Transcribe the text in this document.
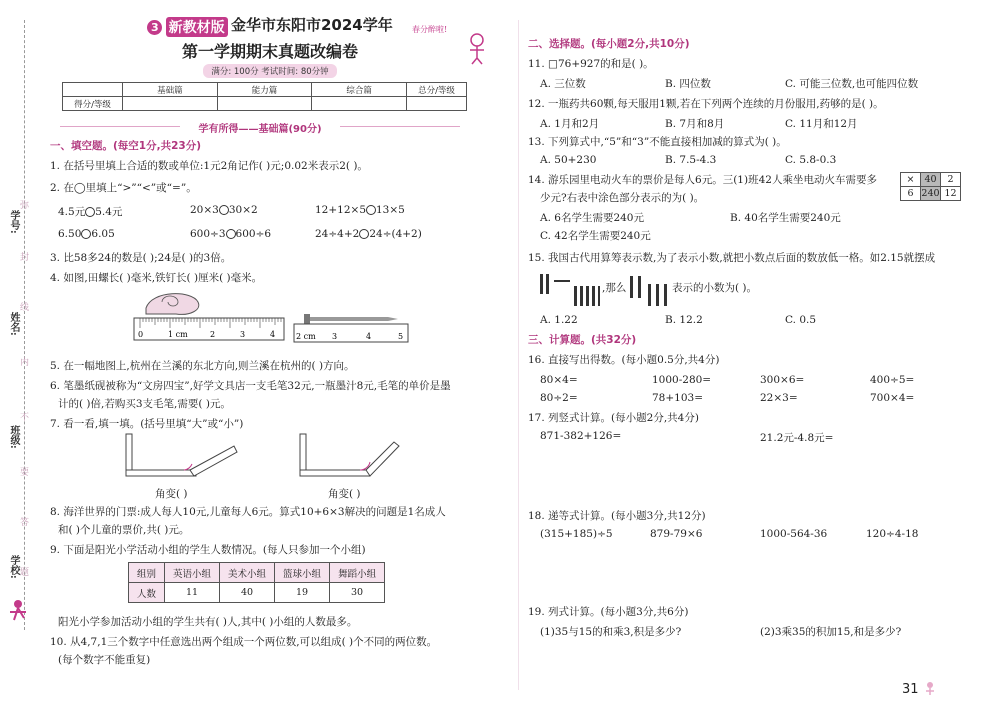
弥
封
线
内
不
要
答
题
学号:
姓名:
班级:
学校:
3 新教材版 金华市东阳市2024学年
第一学期期末真题改编卷
满分: 100分 考试时间: 80分钟
春分醉啦!
	基础篇	能力篇	综合篇	总分/等级
得分/等级				
学有所得——基础篇(90分)
一、填空题。(每空1分,共23分)
1. 在括号里填上合适的数或单位:1元2角记作( )元;0.02米表示2( )。
2. 在◯里填上“>”“<”或“=”。
4.5元 5.4元	20×3 30×2	12+12×5 13×5
6.50 6.05	600÷3 600÷6	24÷4+2 24÷(4+2)
3. 比58多24的数是( );24是( )的3倍。
4. 如图,田螺长( )毫米,铁钉长( )厘米( )毫米。
0	1 cm	2	3	4	2 cm 3	4	5
5. 在一幅地图上,杭州在兰溪的东北方向,则兰溪在杭州的( )方向。
6. 笔墨纸砚被称为“文房四宝”,好学文具店一支毛笔32元,一瓶墨汁8元,毛笔的单价是墨
计的( )倍,若购买3支毛笔,需要( )元。
7. 看一看,填一填。(括号里填“大”或“小”)
角变( )	角变( )
8. 海洋世界的门票:成人每人10元,儿童每人6元。算式10+6×3解决的问题是1名成人
和( )个儿童的票价,共( )元。
9. 下面是阳光小学活动小组的学生人数情况。(每人只参加一个小组)
组别	英语小组	美术小组	篮球小组	舞蹈小组
人数	11	40	19	30
阳光小学参加活动小组的学生共有( )人,其中( )小组的人数最多。
10. 从4,7,1三个数字中任意选出两个组成一个两位数,可以组成( )个不同的两位数。
(每个数字不能重复)
二、选择题。(每小题2分,共10分)
11. □76+927的和是( )。
A. 三位数	B. 四位数	C. 可能三位数,也可能四位数
12. 一瓶药共60颗,每天服用1颗,若在下列两个连续的月份服用,药够的是( )。
A. 1月和2月	B. 7月和8月	C. 11月和12月
13. 下列算式中,“5”和“3”不能直接相加减的算式为( )。
A. 50+230	B. 7.5-4.3	C. 5.8-0.3
14. 游乐园里电动火车的票价是每人6元。三(1)班42人乘坐电动火车需要多
少元?右表中涂色部分表示的为( )。
×	40	2
6	240	12
A. 6名学生需要240元	B. 40名学生需要240元
C. 42名学生需要240元
15. 我国古代用算筹表示数,为了表示小数,就把小数点后面的数放低一格。如2.15就摆成
,那么	表示的小数为( )。
A. 1.22	B. 12.2	C. 0.5
三、计算题。(共32分)
16. 直接写出得数。(每小题0.5分,共4分)
80×4=	1000-280=	300×6=	400÷5=
80÷2=	78+103=	22×3=	700×4=
17. 列竖式计算。(每小题2分,共4分)
871-382+126=	21.2元-4.8元=
18. 递等式计算。(每小题3分,共12分)
(315+185)÷5	879-79×6	1000-564-36	120÷4-18
19. 列式计算。(每小题3分,共6分)
(1)35与15的和乘3,积是多少?	(2)3乘35的积加15,和是多少?
31
